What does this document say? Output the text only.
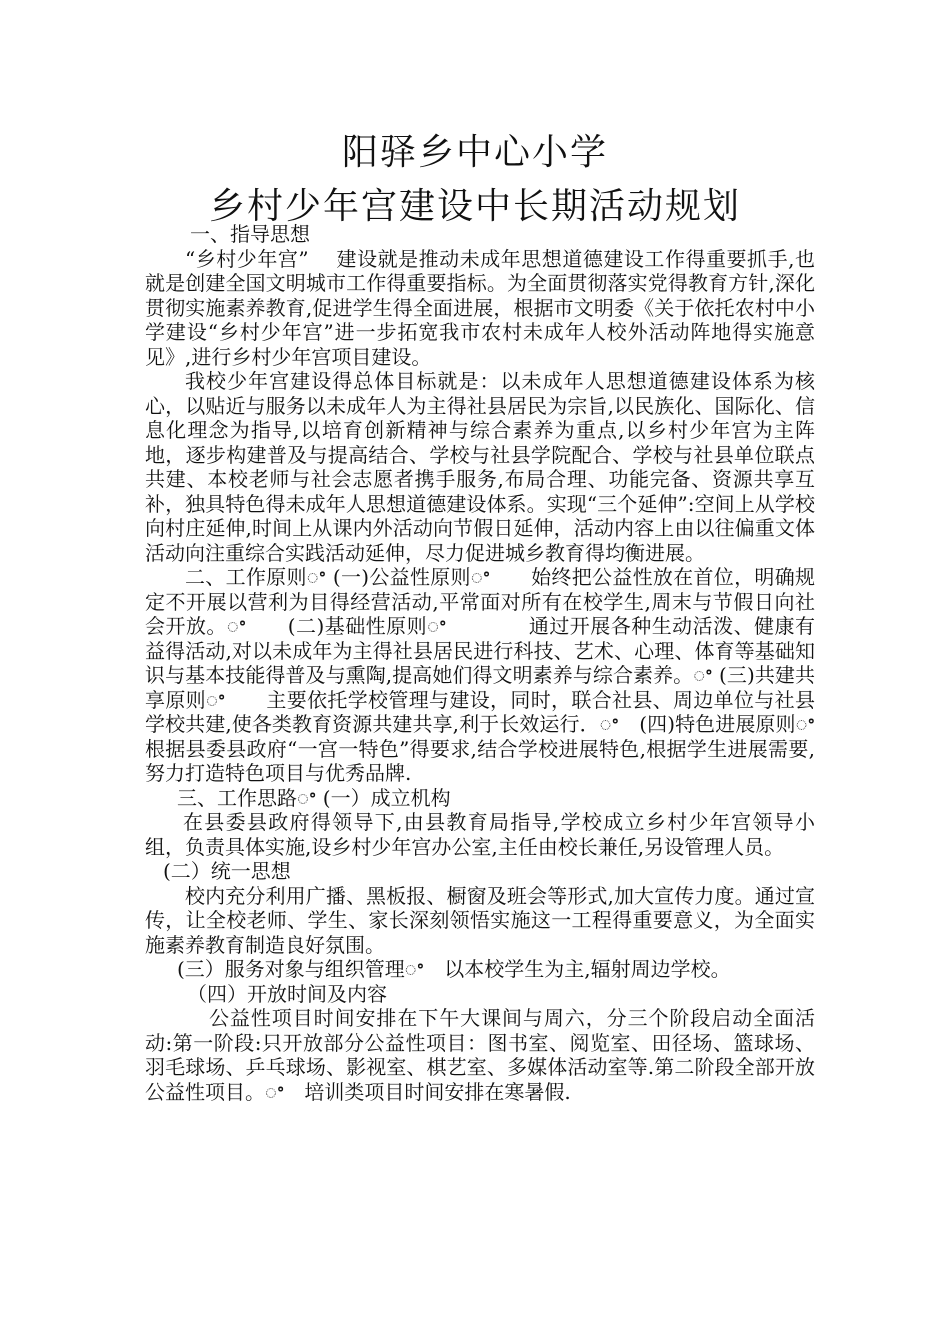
阳驿乡中心小学
乡村少年宫建设中长期活动规划

一、指导思想

“乡村少年宫”　 建设就是推动未成年思想道德建设工作得重要抓手,也就是创建全国文明城市工作得重要指标。为全面贯彻落实党得教育方针,深化贯彻实施素养教育,促进学生得全面进展，根据市文明委《关于依托农村中小学建设“乡村少年宫”进一步拓宽我市农村未成年人校外活动阵地得实施意见》,进行乡村少年宫项目建设。

我校少年宫建设得总体目标就是：以未成年人思想道德建设体系为核心，以贴近与服务以未成年人为主得社县居民为宗旨,以民族化、国际化、信息化理念为指导,以培育创新精神与综合素养为重点,以乡村少年宫为主阵地，逐步构建普及与提高结合、学校与社县学院配合、学校与社县单位联点共建、本校老师与社会志愿者携手服务,布局合理、功能完备、资源共享互补，独具特色得未成年人思想道德建设体系。实现“三个延伸”:空间上从学校向村庄延伸,时间上从课内外活动向节假日延伸，活动内容上由以往偏重文体活动向注重综合实践活动延伸，尽力促进城乡教育得均衡进展。

二、工作原则ꢀ (一)公益性原则ꢀ　　始终把公益性放在首位，明确规定不开展以营利为目得经营活动,平常面对所有在校学生,周末与节假日向社会开放。ꢀ　　(二)基础性原则ꢀ　　　　通过开展各种生动活泼、健康有益得活动,对以未成年为主得社县居民进行科技、艺术、心理、体育等基础知识与基本技能得普及与熏陶,提高她们得文明素养与综合素养。ꢀ (三)共建共享原则ꢀ　　主要依托学校管理与建设，同时，联合社县、周边单位与社县学校共建,使各类教育资源共建共享,利于长效运行．ꢀ　(四)特色进展原则ꢀ　根据县委县政府“一宫一特色”得要求,结合学校进展特色,根据学生进展需要,努力打造特色项目与优秀品牌.

三、工作思路ꢀ (一）成立机构

在县委县政府得领导下,由县教育局指导,学校成立乡村少年宫领导小组，负责具体实施,设乡村少年宫办公室,主任由校长兼任,另设管理人员。

(二）统一思想

校内充分利用广播、黑板报、橱窗及班会等形式,加大宣传力度。通过宣传，让全校老师、学生、家长深刻领悟实施这一工程得重要意义，为全面实施素养教育制造良好氛围。

(三）服务对象与组织管理ꢀ　以本校学生为主,辐射周边学校。

（四）开放时间及内容

公益性项目时间安排在下午大课间与周六，分三个阶段启动全面活动:第一阶段:只开放部分公益性项目：图书室、阅览室、田径场、篮球场、羽毛球场、乒乓球场、影视室、棋艺室、多媒体活动室等.第二阶段全部开放公益性项目。ꢀ　培训类项目时间安排在寒暑假.
